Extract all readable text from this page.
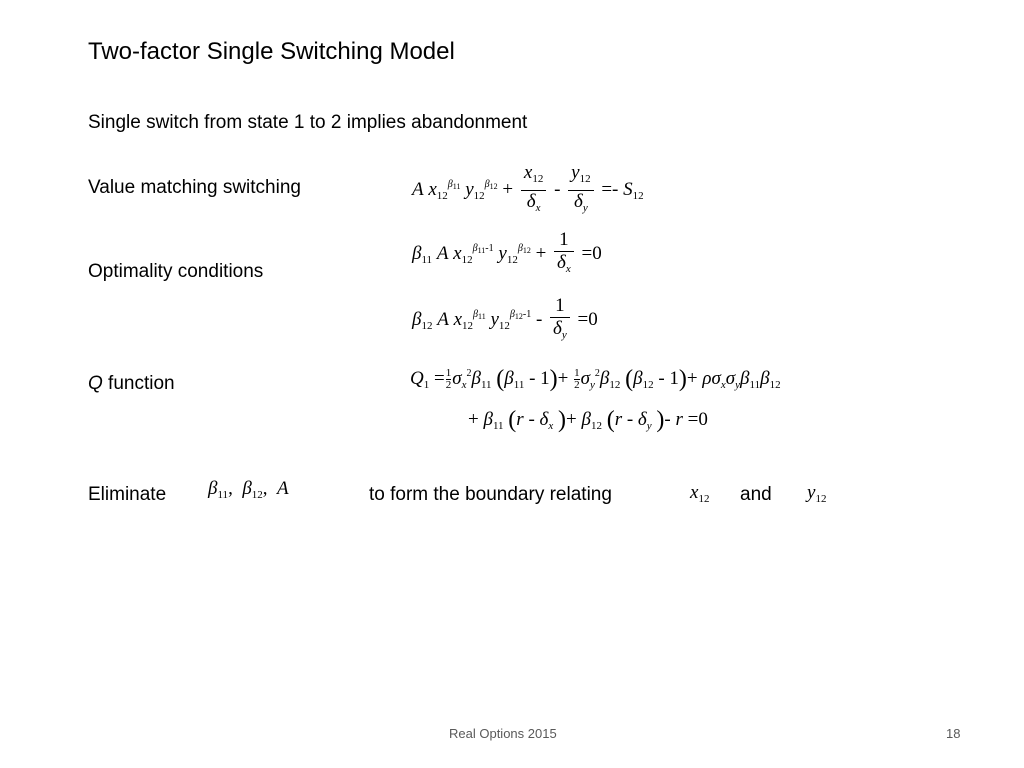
Two-factor Single Switching Model
Single switch from state 1 to 2 implies abandonment
Value matching switching	A $x_{12}^{\beta_{11}}$ $y_{12}^{\beta_{12}} + \frac{x_{12}}{\delta_x} - \frac{y_{12}}{\delta_y} =- S_{12}$
Optimality conditions
$\beta_{11}$ A $x_{12}^{\beta_{11}-1}$ $y_{12}^{\beta_{12}} + \frac{1}{\delta_x} =0$
$\beta_{12}$ A $x_{12}^{\beta_{11}}$ $y_{12}^{\beta_{12}-1} - \frac{1}{\delta_y} =0$
Q function	$Q_1 = \frac{1}{2} \sigma_x^2\beta_{11}$ $(\beta_{11} - 1)+ \frac{1}{2} \sigma_y^2\beta_{12}$ $(\beta_{12} - 1)+ \rho\sigma_x\sigma_y\beta_{11}\beta_{12}$
+ $\beta_{11}$ ($r - \delta_x$ )+ $\beta_{12}$ ($r - \delta_y$ )- r =0
Eliminate $\beta_{11}$,  $\beta_{12}$,  A	to form the boundary relating	$x_{12}$ and $y_{12}$
Real Options 2015	18
